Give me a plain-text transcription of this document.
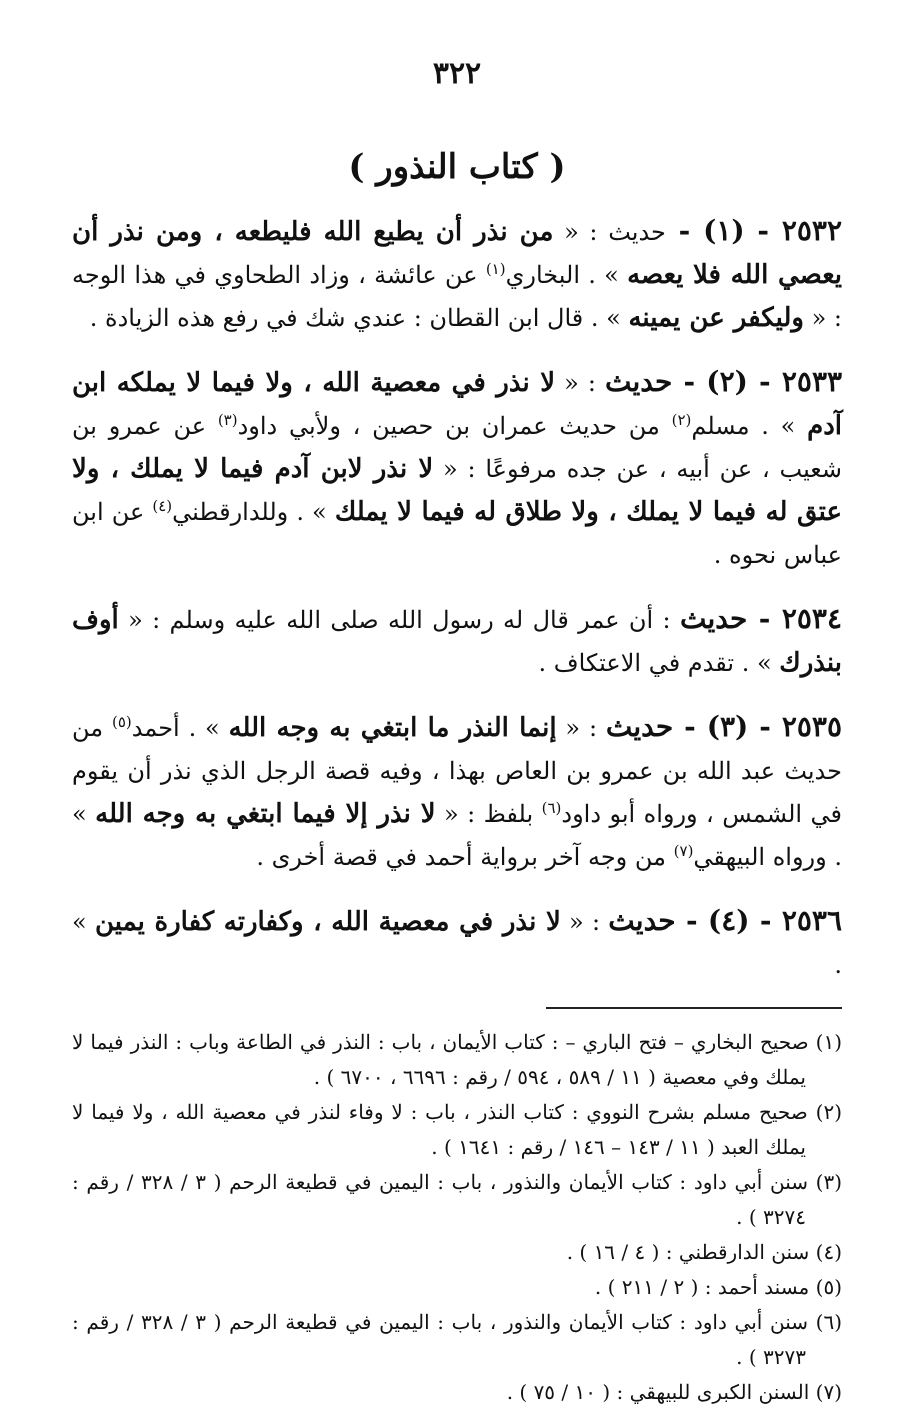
٣٢٢
( كتاب النذور )

٢٥٣٢ - (١) - حديث : « من نذر أن يطيع الله فليطعه ، ومن نذر أن يعصي الله فلا يعصه » . البخاري$^{(١)}$ عن عائشة ، وزاد الطحاوي في هذا الوجه : « وليكفر عن يمينه » . قال ابن القطان : عندي شك في رفع هذه الزيادة .

٢٥٣٣ - (٢) - حديث : « لا نذر في معصية الله ، ولا فيما لا يملكه ابن آدم » . مسلم$^{(٢)}$ من حديث عمران بن حصين ، ولأبي داود$^{(٣)}$ عن عمرو بن شعيب ، عن أبيه ، عن جده مرفوعًا : « لا نذر لابن آدم فيما لا يملك ، ولا عتق له فيما لا يملك ، ولا طلاق له فيما لا يملك » . وللدارقطني$^{(٤)}$ عن ابن عباس نحوه .

٢٥٣٤ - حديث : أن عمر قال له رسول الله صلى الله عليه وسلم : « أوف بنذرك » . تقدم في الاعتكاف .

٢٥٣٥ - (٣) - حديث : « إنما النذر ما ابتغي به وجه الله » . أحمد$^{(٥)}$ من حديث عبد الله بن عمرو بن العاص بهذا ، وفيه قصة الرجل الذي نذر أن يقوم في الشمس ، ورواه أبو داود$^{(٦)}$ بلفظ : « لا نذر إلا فيما ابتغي به وجه الله » . ورواه البيهقي$^{(٧)}$ من وجه آخر برواية أحمد في قصة أخرى .

٢٥٣٦ - (٤) - حديث : « لا نذر في معصية الله ، وكفارته كفارة يمين » .

(١) صحيح البخاري – فتح الباري – : كتاب الأيمان ، باب : النذر في الطاعة وباب : النذر فيما لا يملك وفي معصية ( ١١ / ٥٨٩ ، ٥٩٤ / رقم : ٦٦٩٦ ، ٦٧٠٠ ) .
(٢) صحيح مسلم بشرح النووي : كتاب النذر ، باب : لا وفاء لنذر في معصية الله ، ولا فيما لا يملك العبد ( ١١ / ١٤٣ – ١٤٦ / رقم : ١٦٤١ ) .
(٣) سنن أبي داود : كتاب الأيمان والنذور ، باب : اليمين في قطيعة الرحم ( ٣ / ٣٢٨ / رقم : ٣٢٧٤ ) .
(٤) سنن الدارقطني : ( ٤ / ١٦ ) .
(٥) مسند أحمد : ( ٢ / ٢١١ ) .
(٦) سنن أبي داود : كتاب الأيمان والنذور ، باب : اليمين في قطيعة الرحم ( ٣ / ٣٢٨ / رقم : ٣٢٧٣ ) .
(٧) السنن الكبرى للبيهقي : ( ١٠ / ٧٥ ) .
